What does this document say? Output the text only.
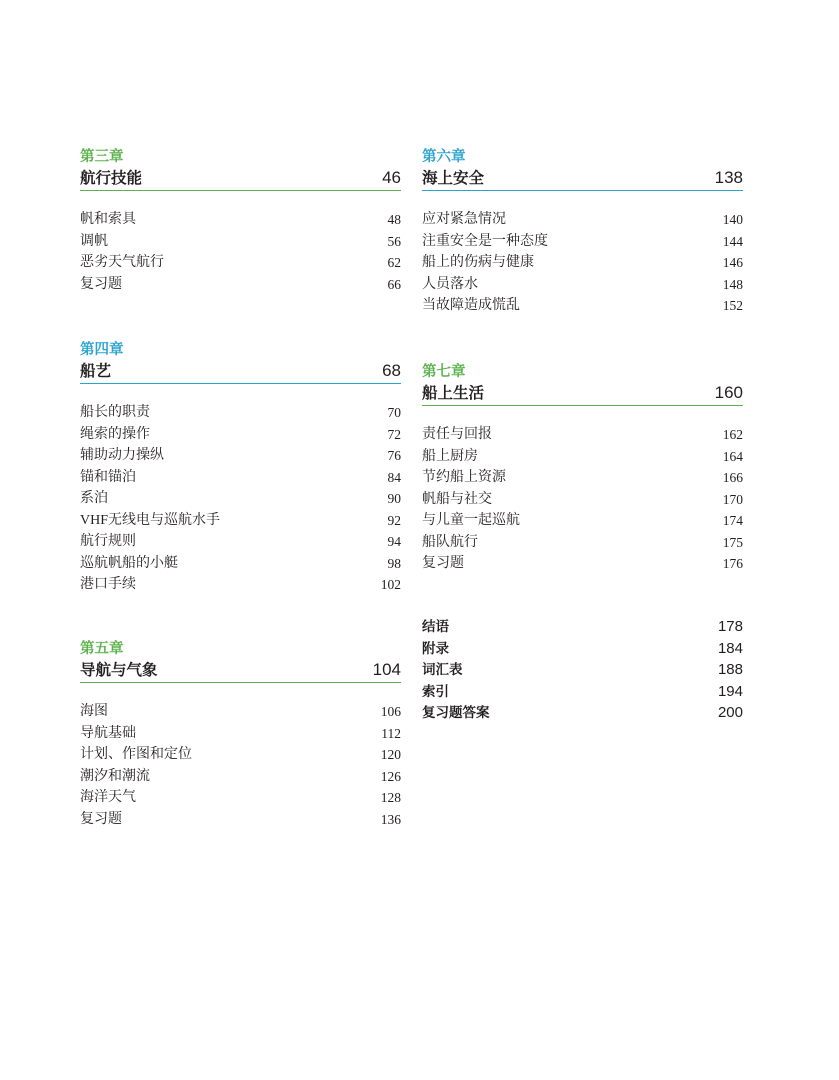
第三章
航行技能	46
帆和索具	48
调帆	56
恶劣天气航行	62
复习题	66
第四章
船艺	68
船长的职责	70
绳索的操作	72
辅助动力操纵	76
锚和锚泊	84
系泊	90
VHF无线电与巡航水手	92
航行规则	94
巡航帆船的小艇	98
港口手续	102
第五章
导航与气象	104
海图	106
导航基础	112
计划、作图和定位	120
潮汐和潮流	126
海洋天气	128
复习题	136
第六章
海上安全	138
应对紧急情况	140
注重安全是一种态度	144
船上的伤病与健康	146
人员落水	148
当故障造成慌乱	152
第七章
船上生活	160
责任与回报	162
船上厨房	164
节约船上资源	166
帆船与社交	170
与儿童一起巡航	174
船队航行	175
复习题	176
结语	178
附录	184
词汇表	188
索引	194
复习题答案	200
